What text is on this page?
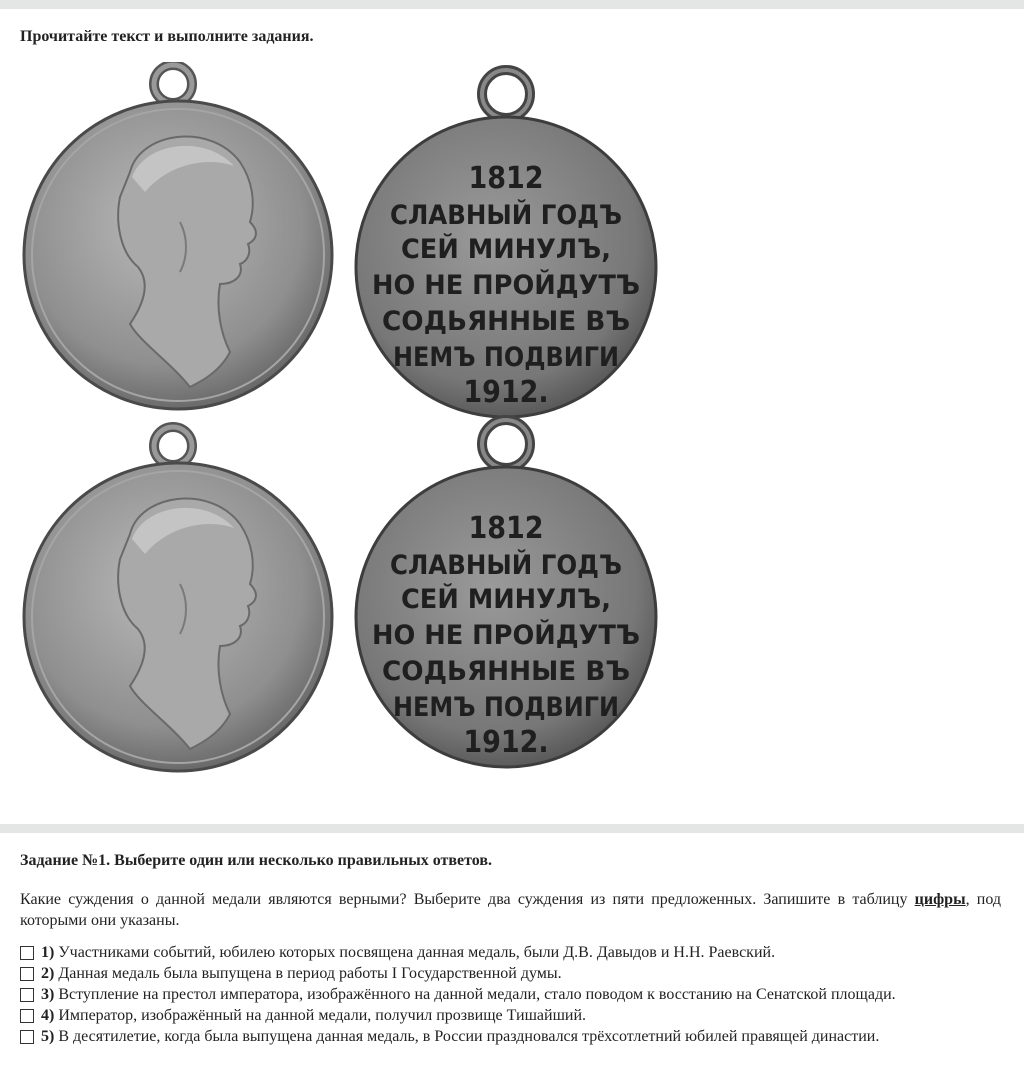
Прочитайте текст и выполните задания.
1812
СЛАВНЫЙ ГОДЪ
СЕЙ МИНУЛЪ,
НО НЕ ПРОЙДУТЪ
СОДЬЯННЫЕ ВЪ
НЕМЪ ПОДВИГИ
1912.
1812
СЛАВНЫЙ ГОДЪ
СЕЙ МИНУЛЪ,
НО НЕ ПРОЙДУТЪ
СОДЬЯННЫЕ ВЪ
НЕМЪ ПОДВИГИ
1912.
Задание №1. Выберите один или несколько правильных ответов.
Какие суждения о данной медали являются верными? Выберите два суждения из пяти предложенных. Запишите в таблицу цифры, под которыми они указаны.
1) Участниками событий, юбилею которых посвящена данная медаль, были Д.В. Давыдов и Н.Н. Раевский.
2) Данная медаль была выпущена в период работы I Государственной думы.
3) Вступление на престол императора, изображённого на данной медали, стало поводом к восстанию на Сенатской площади.
4) Император, изображённый на данной медали, получил прозвище Тишайший.
5) В десятилетие, когда была выпущена данная медаль, в России праздновался трёхсотлетний юбилей правящей династии.
